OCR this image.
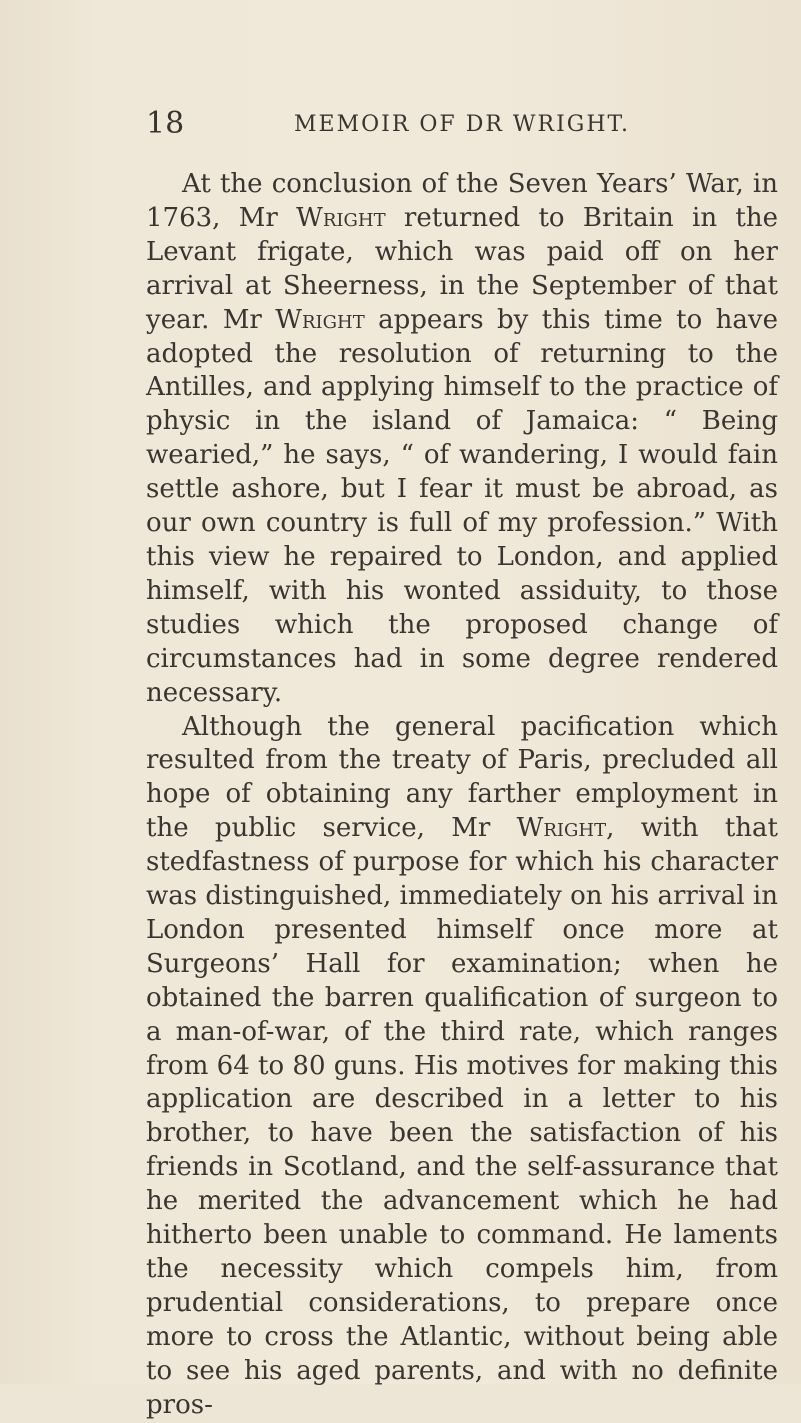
18	MEMOIR OF DR WRIGHT.

At the conclusion of the Seven Years’ War, in 1763, Mr Wright returned to Britain in the Levant frigate, which was paid off on her arrival at Sheerness, in the September of that year. Mr Wright appears by this time to have adopted the resolution of returning to the Antilles, and applying himself to the practice of physic in the island of Jamaica: “ Being wearied,” he says, “ of wandering, I would fain settle ashore, but I fear it must be abroad, as our own country is full of my profession.” With this view he repaired to London, and applied himself, with his wonted assiduity, to those studies which the proposed change of circumstances had in some degree rendered necessary.

Although the general pacification which resulted from the treaty of Paris, precluded all hope of obtaining any farther employment in the public service, Mr Wright, with that stedfastness of purpose for which his character was distinguished, immediately on his arrival in London presented himself once more at Surgeons’ Hall for examination; when he obtained the barren qualification of surgeon to a man-of-war, of the third rate, which ranges from 64 to 80 guns. His motives for making this application are described in a letter to his brother, to have been the satisfaction of his friends in Scotland, and the self-assurance that he merited the advancement which he had hitherto been unable to command. He laments the necessity which compels him, from prudential considerations, to prepare once more to cross the Atlantic, without being able to see his aged parents, and with no definite pros-
